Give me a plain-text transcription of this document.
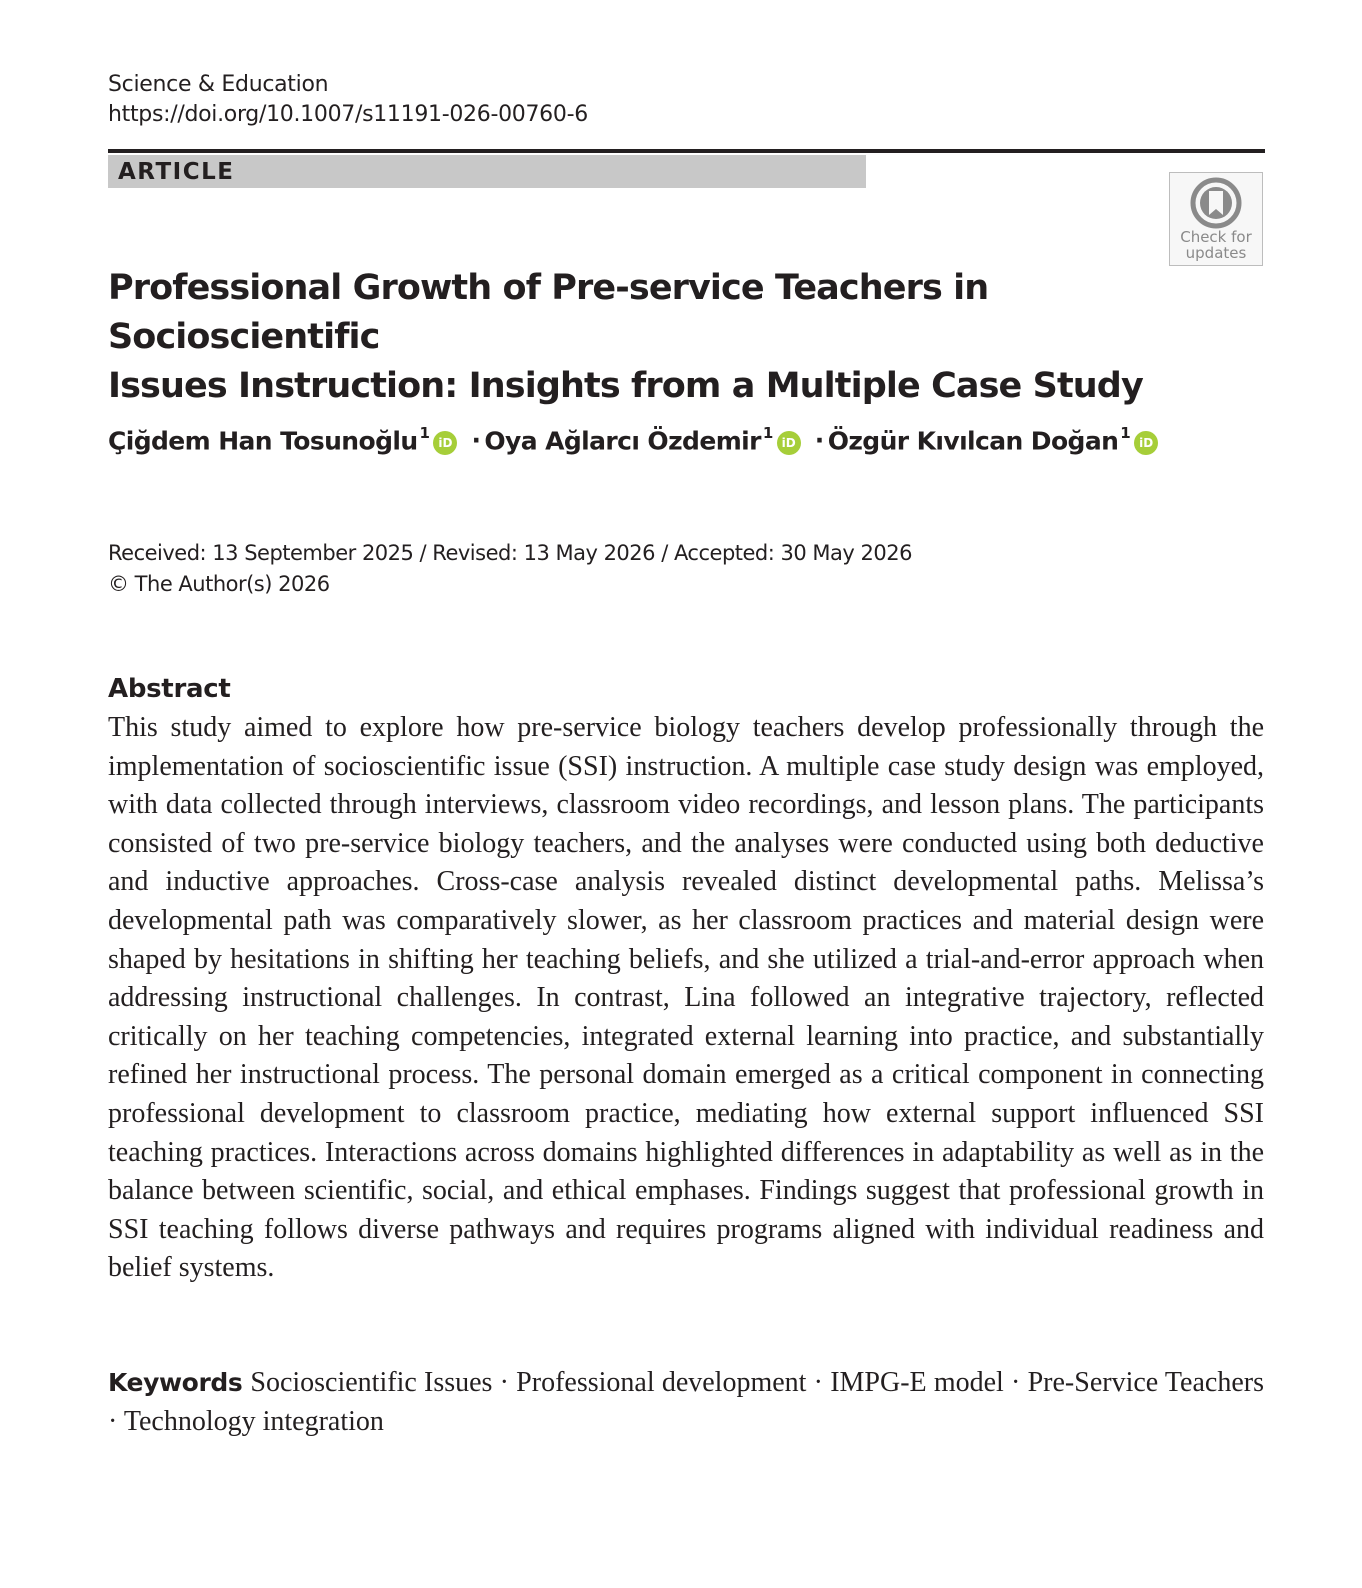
Science & Education
https://doi.org/10.1007/s11191-026-00760-6
ARTICLE
Check for
updates
Professional Growth of Pre-service Teachers in Socioscientific
Issues Instruction: Insights from a Multiple Case Study
Çiğdem Han Tosunoğlu $^1$iD · Oya Ağlarcı Özdemir $^1$iD · Özgür Kıvılcan Doğan $^1$iD
Received: 13 September 2025 / Revised: 13 May 2026 / Accepted: 30 May 2026
© The Author(s) 2026
Abstract

This study aimed to explore how pre-service biology teachers develop professionally through the implementation of socioscientific issue (SSI) instruction. A multiple case study design was employed, with data collected through interviews, classroom video recordings, and lesson plans. The participants consisted of two pre-service biology teachers, and the analyses were conducted using both deductive and inductive approaches. Cross-case analysis revealed distinct developmental paths. Melissa’s developmental path was comparatively slower, as her classroom practices and material design were shaped by hesitations in shifting her teaching beliefs, and she utilized a trial-and-error approach when addressing instructional challenges. In contrast, Lina followed an integrative trajectory, reflected critically on her teaching competencies, integrated external learning into practice, and substantially refined her instructional process. The personal domain emerged as a critical component in connecting professional development to classroom practice, mediating how external support influenced SSI teaching practices. Interactions across domains highlighted differences in adaptability as well as in the balance between scientific, social, and ethical emphases. Findings suggest that professional growth in SSI teaching follows diverse pathways and requires programs aligned with individual readiness and belief systems.

Keywords Socioscientific Issues · Professional development · IMPG-E model · Pre-Service Teachers · Technology integration
